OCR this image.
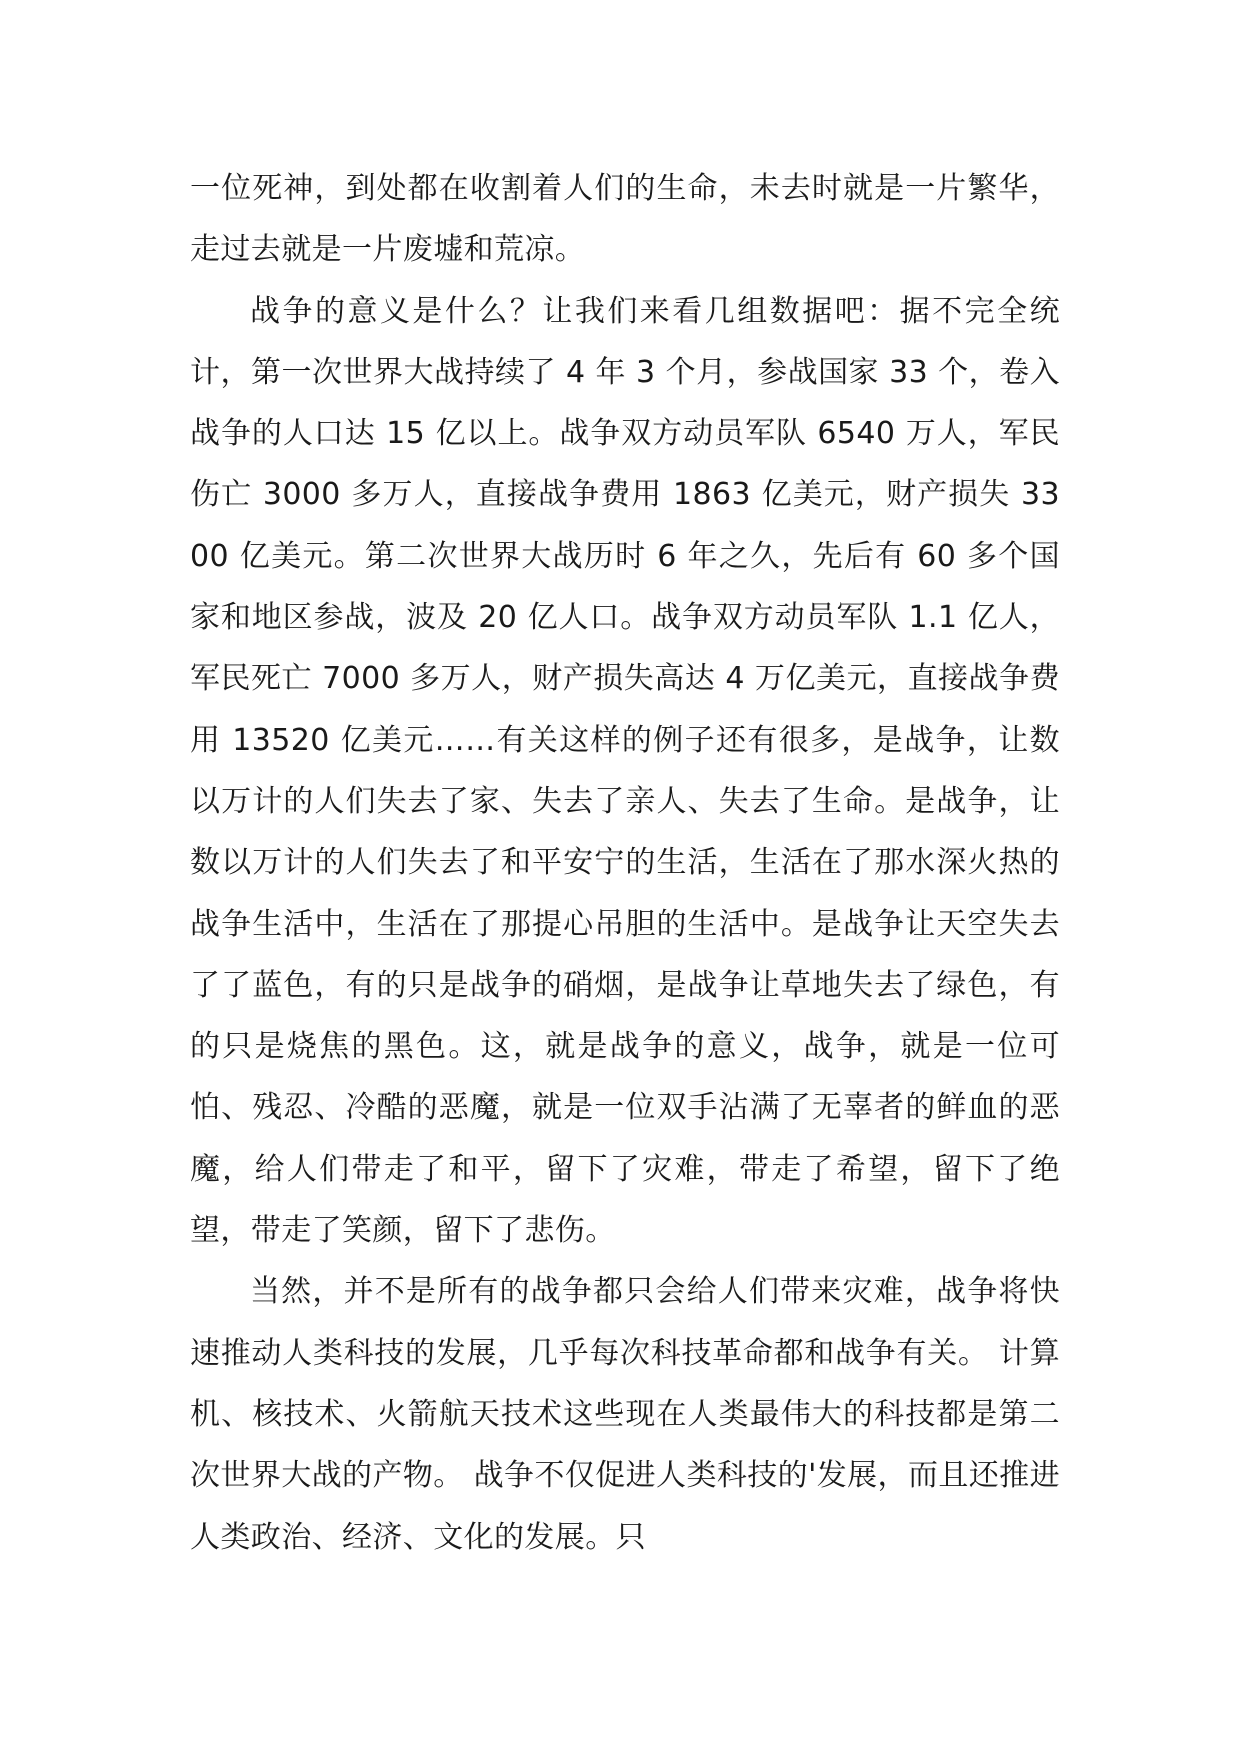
一位死神，到处都在收割着人们的生命，未去时就是一片繁华，走过去就是一片废墟和荒凉。

战争的意义是什么？让我们来看几组数据吧：据不完全统计，第一次世界大战持续了 4 年 3 个月，参战国家 33 个，卷入战争的人口达 15 亿以上。战争双方动员军队 6540 万人，军民伤亡 3000 多万人，直接战争费用 1863 亿美元，财产损失 3300 亿美元。第二次世界大战历时 6 年之久，先后有 60 多个国家和地区参战，波及 20 亿人口。战争双方动员军队 1.1 亿人，军民死亡 7000 多万人，财产损失高达 4 万亿美元，直接战争费用 13520 亿美元……有关这样的例子还有很多，是战争，让数以万计的人们失去了家、失去了亲人、失去了生命。是战争，让数以万计的人们失去了和平安宁的生活，生活在了那水深火热的战争生活中，生活在了那提心吊胆的生活中。是战争让天空失去了了蓝色，有的只是战争的硝烟，是战争让草地失去了绿色，有的只是烧焦的黑色。这，就是战争的意义，战争，就是一位可怕、残忍、冷酷的恶魔，就是一位双手沾满了无辜者的鲜血的恶魔，给人们带走了和平，留下了灾难，带走了希望，留下了绝望，带走了笑颜，留下了悲伤。

当然，并不是所有的战争都只会给人们带来灾难，战争将快速推动人类科技的发展，几乎每次科技革命都和战争有关。 计算机、核技术、火箭航天技术这些现在人类最伟大的科技都是第二次世界大战的产物。 战争不仅促进人类科技的'发展，而且还推进人类政治、经济、文化的发展。只
